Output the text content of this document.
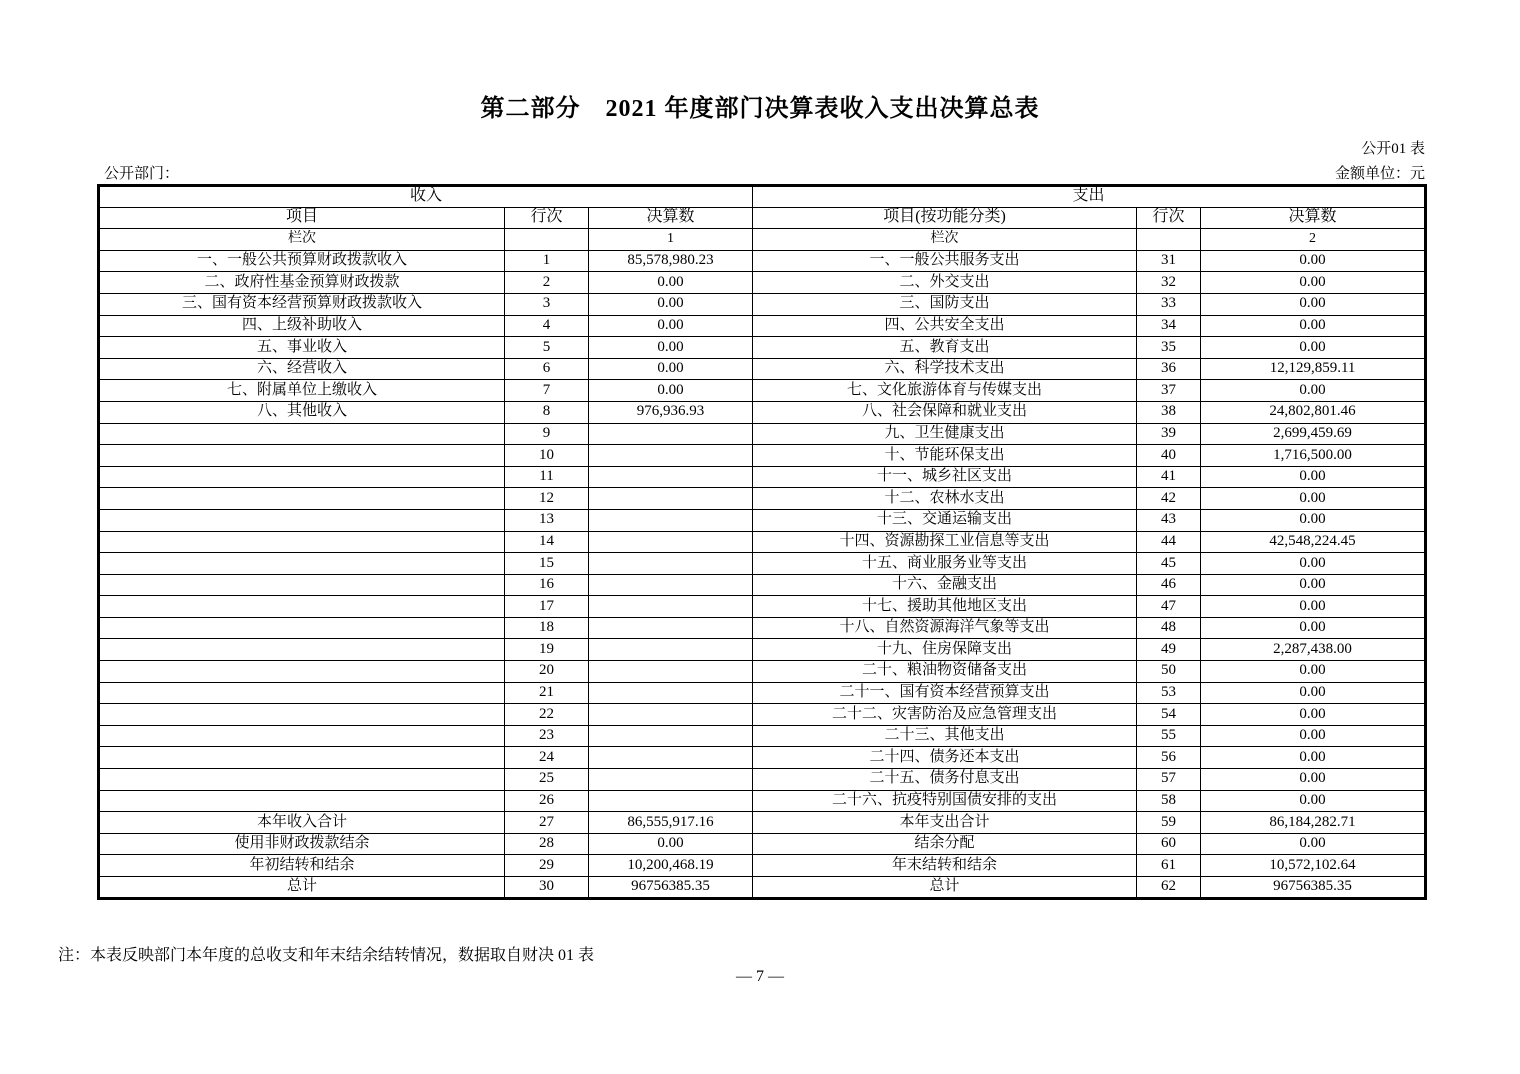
第二部分　2021 年度部门决算表收入支出决算总表
公开01 表
公开部门：	金额单位：元
收入			支出		
项目	行次	决算数	项目(按功能分类)	行次	决算数
栏次		1	栏次		2
一、一般公共预算财政拨款收入	1	85,578,980.23	一、一般公共服务支出	31	0.00
二、政府性基金预算财政拨款	2	0.00	二、外交支出	32	0.00
三、国有资本经营预算财政拨款收入	3	0.00	三、国防支出	33	0.00
四、上级补助收入	4	0.00	四、公共安全支出	34	0.00
五、事业收入	5	0.00	五、教育支出	35	0.00
六、经营收入	6	0.00	六、科学技术支出	36	12,129,859.11
七、附属单位上缴收入	7	0.00	七、文化旅游体育与传媒支出	37	0.00
八、其他收入	8	976,936.93	八、社会保障和就业支出	38	24,802,801.46
	9		九、卫生健康支出	39	2,699,459.69
	10		十、节能环保支出	40	1,716,500.00
	11		十一、城乡社区支出	41	0.00
	12		十二、农林水支出	42	0.00
	13		十三、交通运输支出	43	0.00
	14		十四、资源勘探工业信息等支出	44	42,548,224.45
	15		十五、商业服务业等支出	45	0.00
	16		十六、金融支出	46	0.00
	17		十七、援助其他地区支出	47	0.00
	18		十八、自然资源海洋气象等支出	48	0.00
	19		十九、住房保障支出	49	2,287,438.00
	20		二十、粮油物资储备支出	50	0.00
	21		二十一、国有资本经营预算支出	53	0.00
	22		二十二、灾害防治及应急管理支出	54	0.00
	23		二十三、其他支出	55	0.00
	24		二十四、债务还本支出	56	0.00
	25		二十五、债务付息支出	57	0.00
	26		二十六、抗疫特别国债安排的支出	58	0.00
本年收入合计	27	86,555,917.16	本年支出合计	59	86,184,282.71
使用非财政拨款结余	28	0.00	结余分配	60	0.00
年初结转和结余	29	10,200,468.19	年末结转和结余	61	10,572,102.64
总计	30	96756385.35	总计	62	96756385.35
注：本表反映部门本年度的总收支和年末结余结转情况，数据取自财决 01 表
— 7 —
